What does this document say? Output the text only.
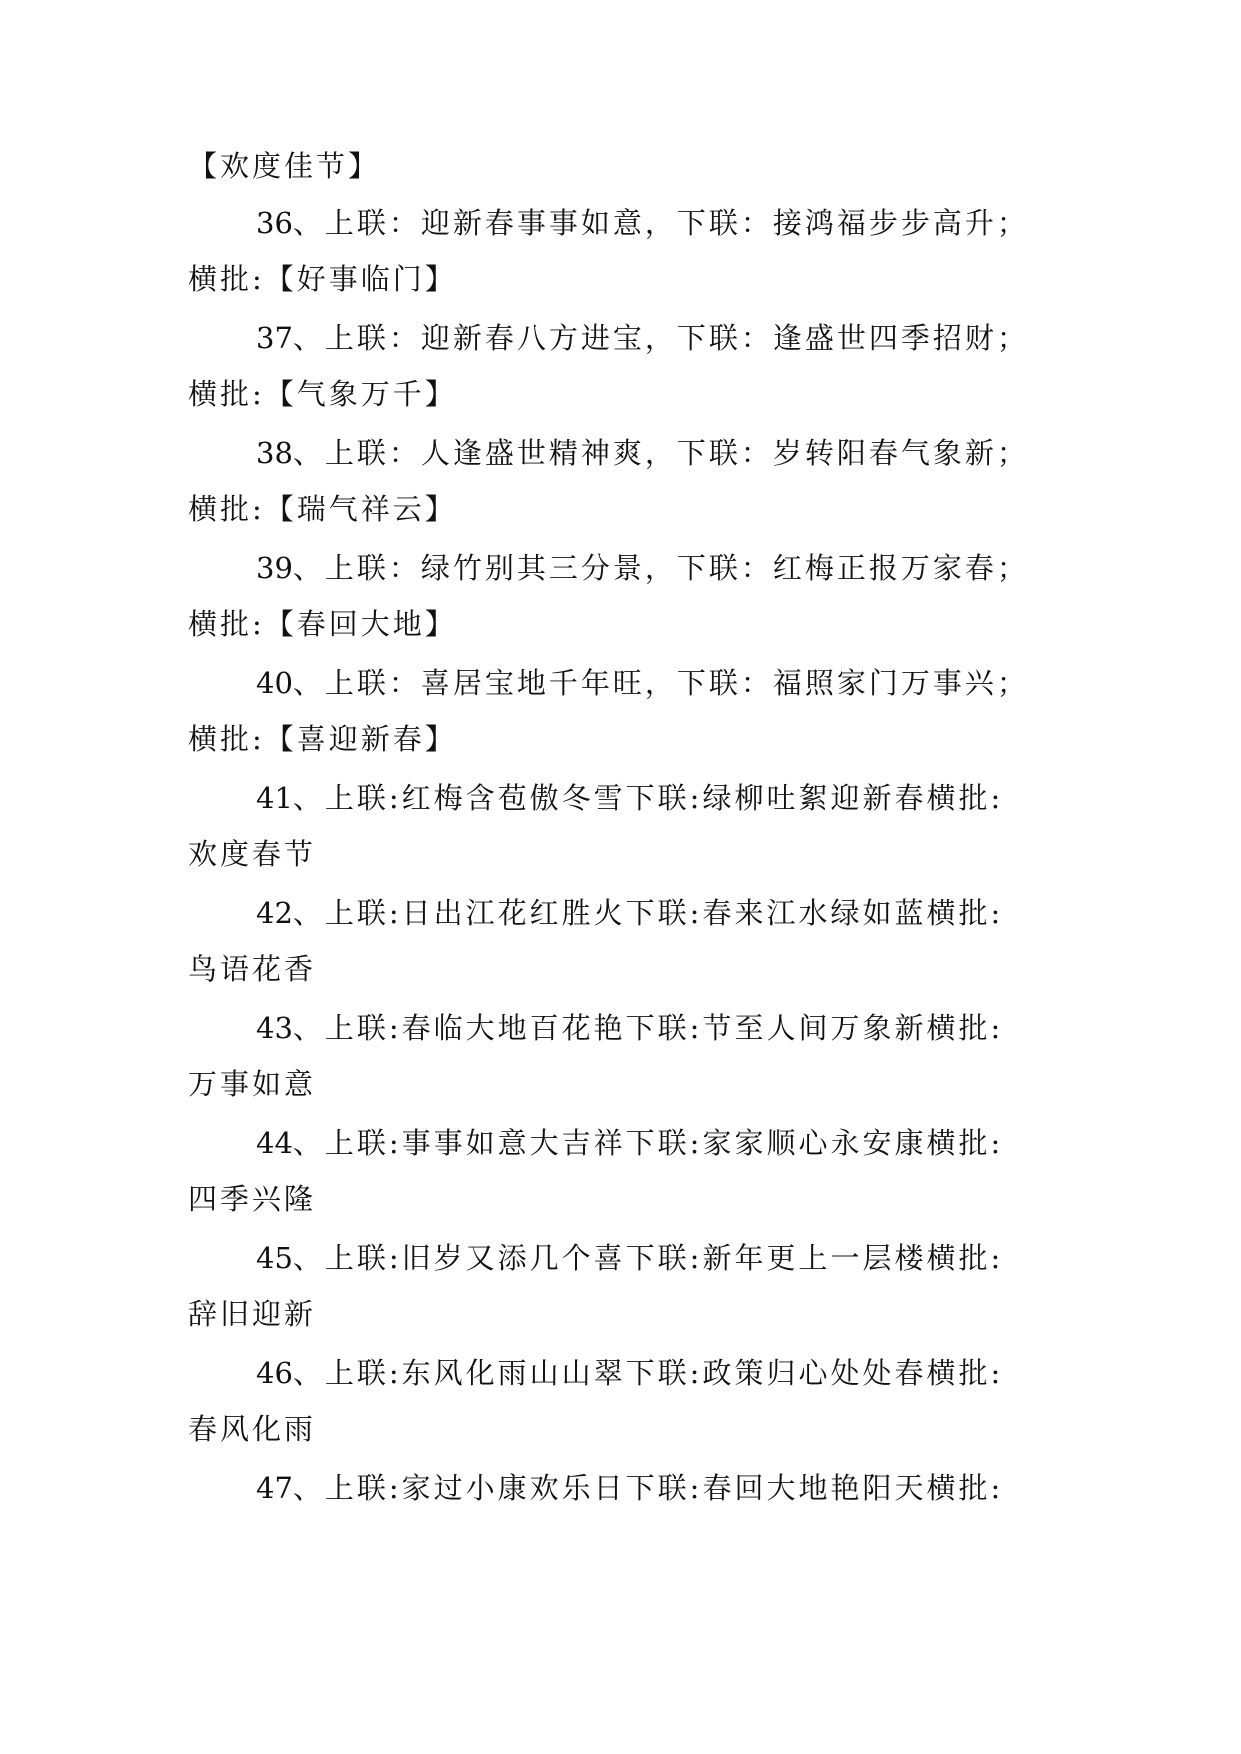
【欢度佳节】
36、上联：迎新春事事如意，下联：接鸿福步步高升；
横批:【好事临门】
37、上联：迎新春八方进宝，下联：逢盛世四季招财；
横批:【气象万千】
38、上联：人逢盛世精神爽，下联：岁转阳春气象新；
横批:【瑞气祥云】
39、上联：绿竹别其三分景，下联：红梅正报万家春；
横批:【春回大地】
40、上联：喜居宝地千年旺，下联：福照家门万事兴；
横批:【喜迎新春】
41、上联:红梅含苞傲冬雪下联:绿柳吐絮迎新春横批:
欢度春节
42、上联:日出江花红胜火下联:春来江水绿如蓝横批:
鸟语花香
43、上联:春临大地百花艳下联:节至人间万象新横批:
万事如意
44、上联:事事如意大吉祥下联:家家顺心永安康横批:
四季兴隆
45、上联:旧岁又添几个喜下联:新年更上一层楼横批:
辞旧迎新
46、上联:东风化雨山山翠下联:政策归心处处春横批:
春风化雨
47、上联:家过小康欢乐日下联:春回大地艳阳天横批:
